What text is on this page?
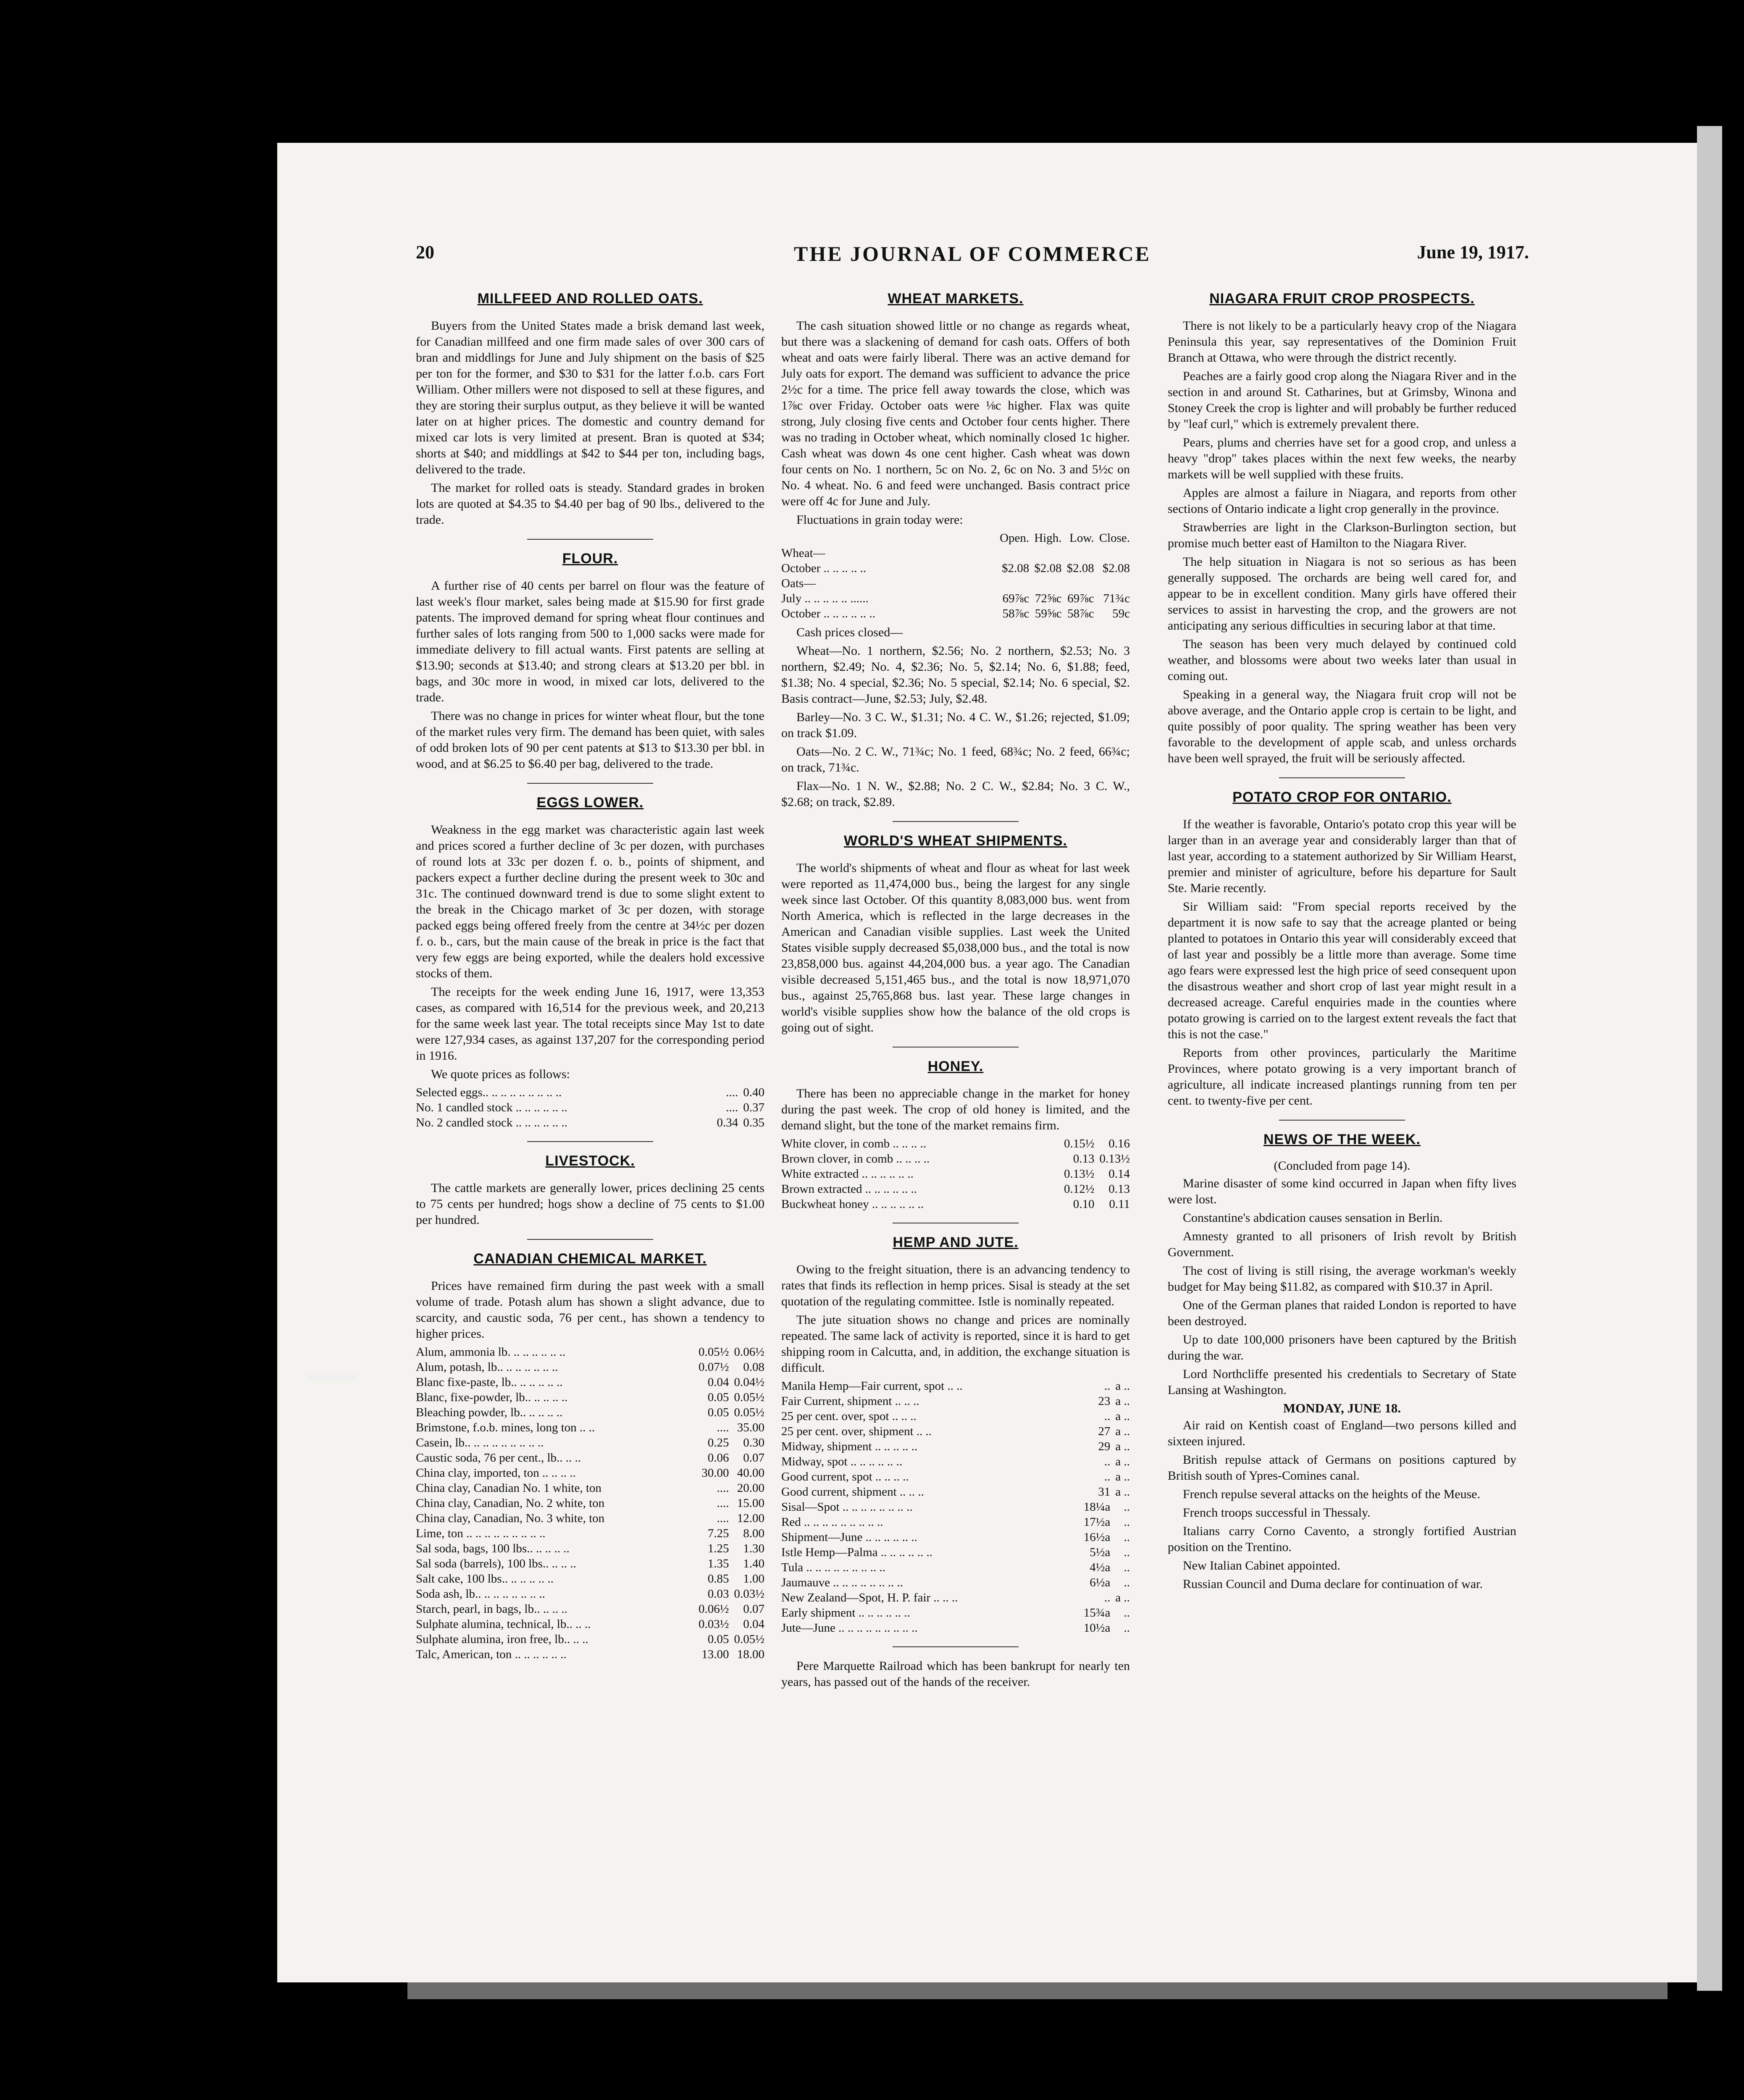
20	THE JOURNAL OF COMMERCE	June 19, 1917.
MILLFEED AND ROLLED OATS.

Buyers from the United States made a brisk demand last week, for Canadian millfeed and one firm made sales of over 300 cars of bran and middlings for June and July shipment on the basis of $25 per ton for the former, and $30 to $31 for the latter f.o.b. cars Fort William. Other millers were not disposed to sell at these figures, and they are storing their surplus output, as they believe it will be wanted later on at higher prices. The domestic and country demand for mixed car lots is very limited at present. Bran is quoted at $34; shorts at $40; and middlings at $42 to $44 per ton, including bags, delivered to the trade.

The market for rolled oats is steady. Standard grades in broken lots are quoted at $4.35 to $4.40 per bag of 90 lbs., delivered to the trade.

FLOUR.

A further rise of 40 cents per barrel on flour was the feature of last week's flour market, sales being made at $15.90 for first grade patents. The improved demand for spring wheat flour continues and further sales of lots ranging from 500 to 1,000 sacks were made for immediate delivery to fill actual wants. First patents are selling at $13.90; seconds at $13.40; and strong clears at $13.20 per bbl. in bags, and 30c more in wood, in mixed car lots, delivered to the trade.

There was no change in prices for winter wheat flour, but the tone of the market rules very firm. The demand has been quiet, with sales of odd broken lots of 90 per cent patents at $13 to $13.30 per bbl. in wood, and at $6.25 to $6.40 per bag, delivered to the trade.

EGGS LOWER.

Weakness in the egg market was characteristic again last week and prices scored a further decline of 3c per dozen, with purchases of round lots at 33c per dozen f. o. b., points of shipment, and packers expect a further decline during the present week to 30c and 31c. The continued downward trend is due to some slight extent to the break in the Chicago market of 3c per dozen, with storage packed eggs being offered freely from the centre at 34½c per dozen f. o. b., cars, but the main cause of the break in price is the fact that very few eggs are being exported, while the dealers hold excessive stocks of them.

The receipts for the week ending June 16, 1917, were 13,353 cases, as compared with 16,514 for the previous week, and 20,213 for the same week last year. The total receipts since May 1st to date were 127,934 cases, as against 137,207 for the corresponding period in 1916.

We quote prices as follows:

Selected eggs.. .. .. .. .. .. .. .. ..	....	0.40
No. 1 candled stock .. .. .. .. .. ..	....	0.37
No. 2 candled stock .. .. .. .. .. ..	0.34	0.35
LIVESTOCK.

The cattle markets are generally lower, prices declining 25 cents to 75 cents per hundred; hogs show a decline of 75 cents to $1.00 per hundred.

CANADIAN CHEMICAL MARKET.

Prices have remained firm during the past week with a small volume of trade. Potash alum has shown a slight advance, due to scarcity, and caustic soda, 76 per cent., has shown a tendency to higher prices.

Alum, ammonia lb. .. .. .. .. .. ..	0.05½	0.06½
Alum, potash, lb.. .. .. .. .. .. ..	0.07½	0.08
Blanc fixe-paste, lb.. .. .. .. .. ..	0.04	0.04½
Blanc, fixe-powder, lb.. .. .. .. ..	0.05	0.05½
Bleaching powder, lb.. .. .. .. ..	0.05	0.05½
Brimstone, f.o.b. mines, long ton .. ..	....	35.00
Casein, lb.. .. .. .. .. .. .. .. ..	0.25	0.30
Caustic soda, 76 per cent., lb.. .. ..	0.06	0.07
China clay, imported, ton .. .. .. ..	30.00	40.00
China clay, Canadian No. 1 white, ton	....	20.00
China clay, Canadian, No. 2 white, ton	....	15.00
China clay, Canadian, No. 3 white, ton	....	12.00
Lime, ton .. .. .. .. .. .. .. .. ..	7.25	8.00
Sal soda, bags, 100 lbs.. .. .. .. ..	1.25	1.30
Sal soda (barrels), 100 lbs.. .. .. ..	1.35	1.40
Salt cake, 100 lbs.. .. .. .. .. ..	0.85	1.00
Soda ash, lb.. .. .. .. .. .. .. ..	0.03	0.03½
Starch, pearl, in bags, lb.. .. .. ..	0.06½	0.07
Sulphate alumina, technical, lb.. .. ..	0.03½	0.04
Sulphate alumina, iron free, lb.. .. ..	0.05	0.05½
Talc, American, ton .. .. .. .. .. ..	13.00	18.00
WHEAT MARKETS.

The cash situation showed little or no change as regards wheat, but there was a slackening of demand for cash oats. Offers of both wheat and oats were fairly liberal. There was an active demand for July oats for export. The demand was sufficient to advance the price 2½c for a time. The price fell away towards the close, which was 1⅞c over Friday. October oats were ⅛c higher. Flax was quite strong, July closing five cents and October four cents higher. There was no trading in October wheat, which nominally closed 1c higher. Cash wheat was down 4s one cent higher. Cash wheat was down four cents on No. 1 northern, 5c on No. 2, 6c on No. 3 and 5½c on No. 4 wheat. No. 6 and feed were unchanged. Basis contract price were off 4c for June and July.

Fluctuations in grain today were:

	Open.	High.	Low.	Close.
Wheat—				
October .. .. .. .. ..	$2.08	$2.08	$2.08	$2.08
Oats—				
July .. .. .. .. .. ......	69⅞c	72⅝c	69⅞c	71¾c
October .. .. .. .. .. ..	58⅞c	59⅝c	58⅞c	59c

Cash prices closed—

Wheat—No. 1 northern, $2.56; No. 2 northern, $2.53; No. 3 northern, $2.49; No. 4, $2.36; No. 5, $2.14; No. 6, $1.88; feed, $1.38; No. 4 special, $2.36; No. 5 special, $2.14; No. 6 special, $2. Basis contract—June, $2.53; July, $2.48.

Barley—No. 3 C. W., $1.31; No. 4 C. W., $1.26; rejected, $1.09; on track $1.09.

Oats—No. 2 C. W., 71¾c; No. 1 feed, 68¾c; No. 2 feed, 66¾c; on track, 71¾c.

Flax—No. 1 N. W., $2.88; No. 2 C. W., $2.84; No. 3 C. W., $2.68; on track, $2.89.

WORLD'S WHEAT SHIPMENTS.

The world's shipments of wheat and flour as wheat for last week were reported as 11,474,000 bus., being the largest for any single week since last October. Of this quantity 8,083,000 bus. went from North America, which is reflected in the large decreases in the American and Canadian visible supplies. Last week the United States visible supply decreased $5,038,000 bus., and the total is now 23,858,000 bus. against 44,204,000 bus. a year ago. The Canadian visible decreased 5,151,465 bus., and the total is now 18,971,070 bus., against 25,765,868 bus. last year. These large changes in world's visible supplies show how the balance of the old crops is going out of sight.

HONEY.

There has been no appreciable change in the market for honey during the past week. The crop of old honey is limited, and the demand slight, but the tone of the market remains firm.

White clover, in comb .. .. .. ..	0.15½	0.16
Brown clover, in comb .. .. .. ..	0.13	0.13½
White extracted .. .. .. .. .. ..	0.13½	0.14
Brown extracted .. .. .. .. .. ..	0.12½	0.13
Buckwheat honey .. .. .. .. .. ..	0.10	0.11
HEMP AND JUTE.

Owing to the freight situation, there is an advancing tendency to rates that finds its reflection in hemp prices. Sisal is steady at the set quotation of the regulating committee. Istle is nominally repeated.

The jute situation shows no change and prices are nominally repeated. The same lack of activity is reported, since it is hard to get shipping room in Calcutta, and, in addition, the exchange situation is difficult.

Manila Hemp—Fair current, spot .. ..	..	a ..
Fair Current, shipment .. .. ..	23	a ..
25 per cent. over, spot .. .. ..	..	a ..
25 per cent. over, shipment .. ..	27	a ..
Midway, shipment .. .. .. .. ..	29	a ..
Midway, spot .. .. .. .. .. ..	..	a ..
Good current, spot .. .. .. ..	..	a ..
Good current, shipment .. .. ..	31	a ..
Sisal—Spot .. .. .. .. .. .. .. ..	18¼a	..
Red .. .. .. .. .. .. .. .. ..	17½a	..
Shipment—June .. .. .. .. .. ..	16½a	..
Istle Hemp—Palma .. .. .. .. .. ..	5½a	..
Tula .. .. .. .. .. .. .. .. ..	4½a	..
Jaumauve .. .. .. .. .. .. .. ..	6½a	..
New Zealand—Spot, H. P. fair .. .. ..	..	a ..
Early shipment .. .. .. .. .. ..	15¾a	..
Jute—June .. .. .. .. .. .. .. .. ..	10½a	..

Pere Marquette Railroad which has been bankrupt for nearly ten years, has passed out of the hands of the receiver.

NIAGARA FRUIT CROP PROSPECTS.

There is not likely to be a particularly heavy crop of the Niagara Peninsula this year, say representatives of the Dominion Fruit Branch at Ottawa, who were through the district recently.

Peaches are a fairly good crop along the Niagara River and in the section in and around St. Catharines, but at Grimsby, Winona and Stoney Creek the crop is lighter and will probably be further reduced by "leaf curl," which is extremely prevalent there.

Pears, plums and cherries have set for a good crop, and unless a heavy "drop" takes places within the next few weeks, the nearby markets will be well supplied with these fruits.

Apples are almost a failure in Niagara, and reports from other sections of Ontario indicate a light crop generally in the province.

Strawberries are light in the Clarkson-Burlington section, but promise much better east of Hamilton to the Niagara River.

The help situation in Niagara is not so serious as has been generally supposed. The orchards are being well cared for, and appear to be in excellent condition. Many girls have offered their services to assist in harvesting the crop, and the growers are not anticipating any serious difficulties in securing labor at that time.

The season has been very much delayed by continued cold weather, and blossoms were about two weeks later than usual in coming out.

Speaking in a general way, the Niagara fruit crop will not be above average, and the Ontario apple crop is certain to be light, and quite possibly of poor quality. The spring weather has been very favorable to the development of apple scab, and unless orchards have been well sprayed, the fruit will be seriously affected.

POTATO CROP FOR ONTARIO.

If the weather is favorable, Ontario's potato crop this year will be larger than in an average year and considerably larger than that of last year, according to a statement authorized by Sir William Hearst, premier and minister of agriculture, before his departure for Sault Ste. Marie recently.

Sir William said: "From special reports received by the department it is now safe to say that the acreage planted or being planted to potatoes in Ontario this year will considerably exceed that of last year and possibly be a little more than average. Some time ago fears were expressed lest the high price of seed consequent upon the disastrous weather and short crop of last year might result in a decreased acreage. Careful enquiries made in the counties where potato growing is carried on to the largest extent reveals the fact that this is not the case."

Reports from other provinces, particularly the Maritime Provinces, where potato growing is a very important branch of agriculture, all indicate increased plantings running from ten per cent. to twenty-five per cent.

NEWS OF THE WEEK.
(Concluded from page 14).

Marine disaster of some kind occurred in Japan when fifty lives were lost.

Constantine's abdication causes sensation in Berlin.

Amnesty granted to all prisoners of Irish revolt by British Government.

The cost of living is still rising, the average workman's weekly budget for May being $11.82, as compared with $10.37 in April.

One of the German planes that raided London is reported to have been destroyed.

Up to date 100,000 prisoners have been captured by the British during the war.

Lord Northcliffe presented his credentials to Secretary of State Lansing at Washington.

MONDAY, JUNE 18.

Air raid on Kentish coast of England—two persons killed and sixteen injured.

British repulse attack of Germans on positions captured by British south of Ypres-Comines canal.

French repulse several attacks on the heights of the Meuse.

French troops successful in Thessaly.

Italians carry Corno Cavento, a strongly fortified Austrian position on the Trentino.

New Italian Cabinet appointed.

Russian Council and Duma declare for continuation of war.
